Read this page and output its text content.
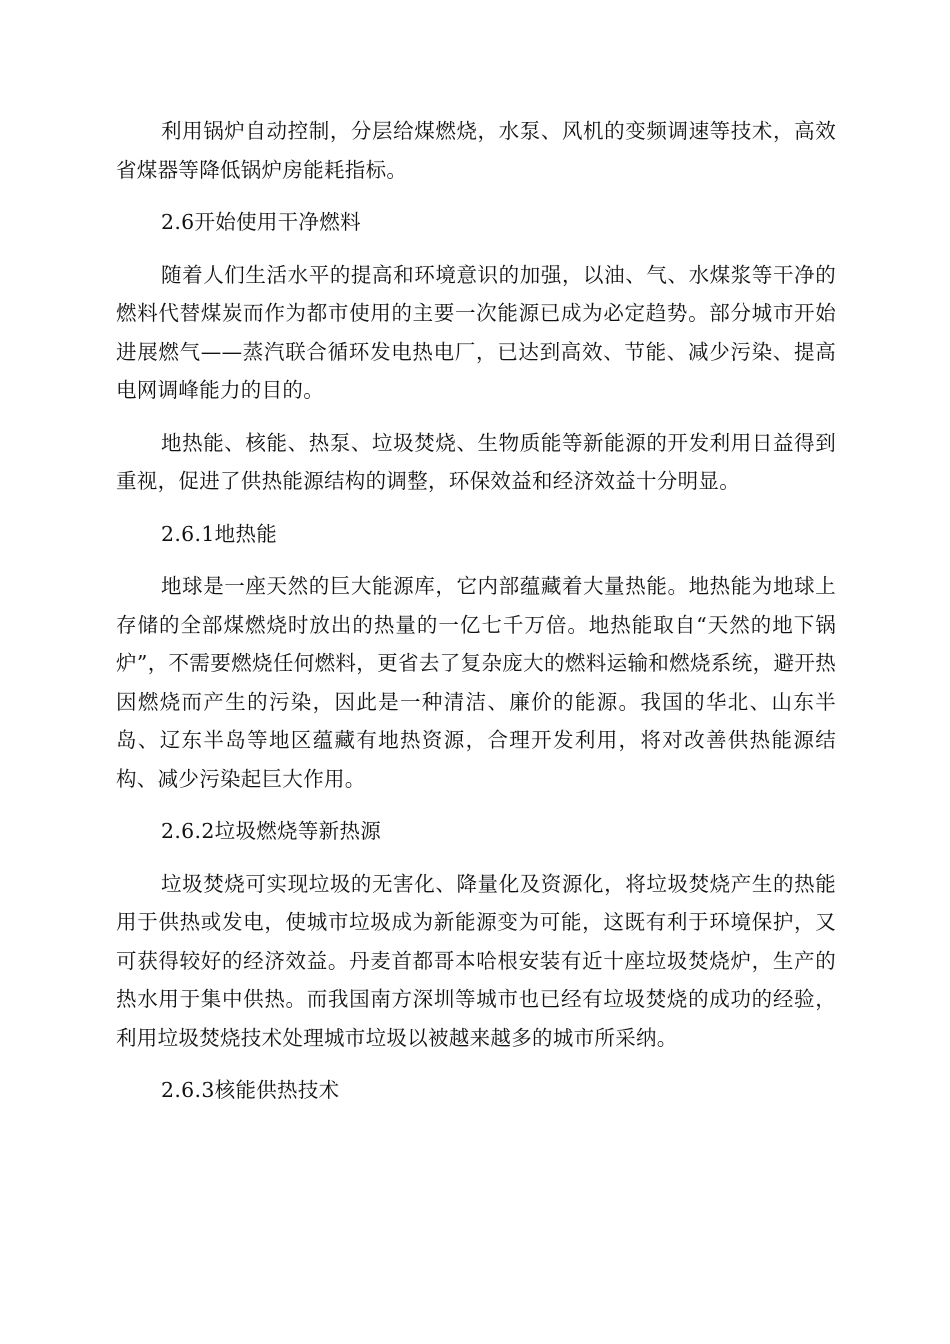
利用锅炉自动控制，分层给煤燃烧，水泵、风机的变频调速等技术，高效省煤器等降低锅炉房能耗指标。

2.6开始使用干净燃料

随着人们生活水平的提高和环境意识的加强，以油、气、水煤浆等干净的燃料代替煤炭而作为都市使用的主要一次能源已成为必定趋势。部分城市开始进展燃气——蒸汽联合循环发电热电厂，已达到高效、节能、减少污染、提高电网调峰能力的目的。

地热能、核能、热泵、垃圾焚烧、生物质能等新能源的开发利用日益得到重视，促进了供热能源结构的调整，环保效益和经济效益十分明显。

2.6.1地热能

地球是一座天然的巨大能源库，它内部蕴藏着大量热能。地热能为地球上存储的全部煤燃烧时放出的热量的一亿七千万倍。地热能取自“天然的地下锅炉”，不需要燃烧任何燃料，更省去了复杂庞大的燃料运输和燃烧系统，避开热因燃烧而产生的污染，因此是一种清洁、廉价的能源。我国的华北、山东半岛、辽东半岛等地区蕴藏有地热资源，合理开发利用，将对改善供热能源结构、减少污染起巨大作用。

2.6.2垃圾燃烧等新热源

垃圾焚烧可实现垃圾的无害化、降量化及资源化，将垃圾焚烧产生的热能用于供热或发电，使城市垃圾成为新能源变为可能，这既有利于环境保护，又可获得较好的经济效益。丹麦首都哥本哈根安装有近十座垃圾焚烧炉，生产的热水用于集中供热。而我国南方深圳等城市也已经有垃圾焚烧的成功的经验，利用垃圾焚烧技术处理城市垃圾以被越来越多的城市所采纳。

2.6.3核能供热技术
